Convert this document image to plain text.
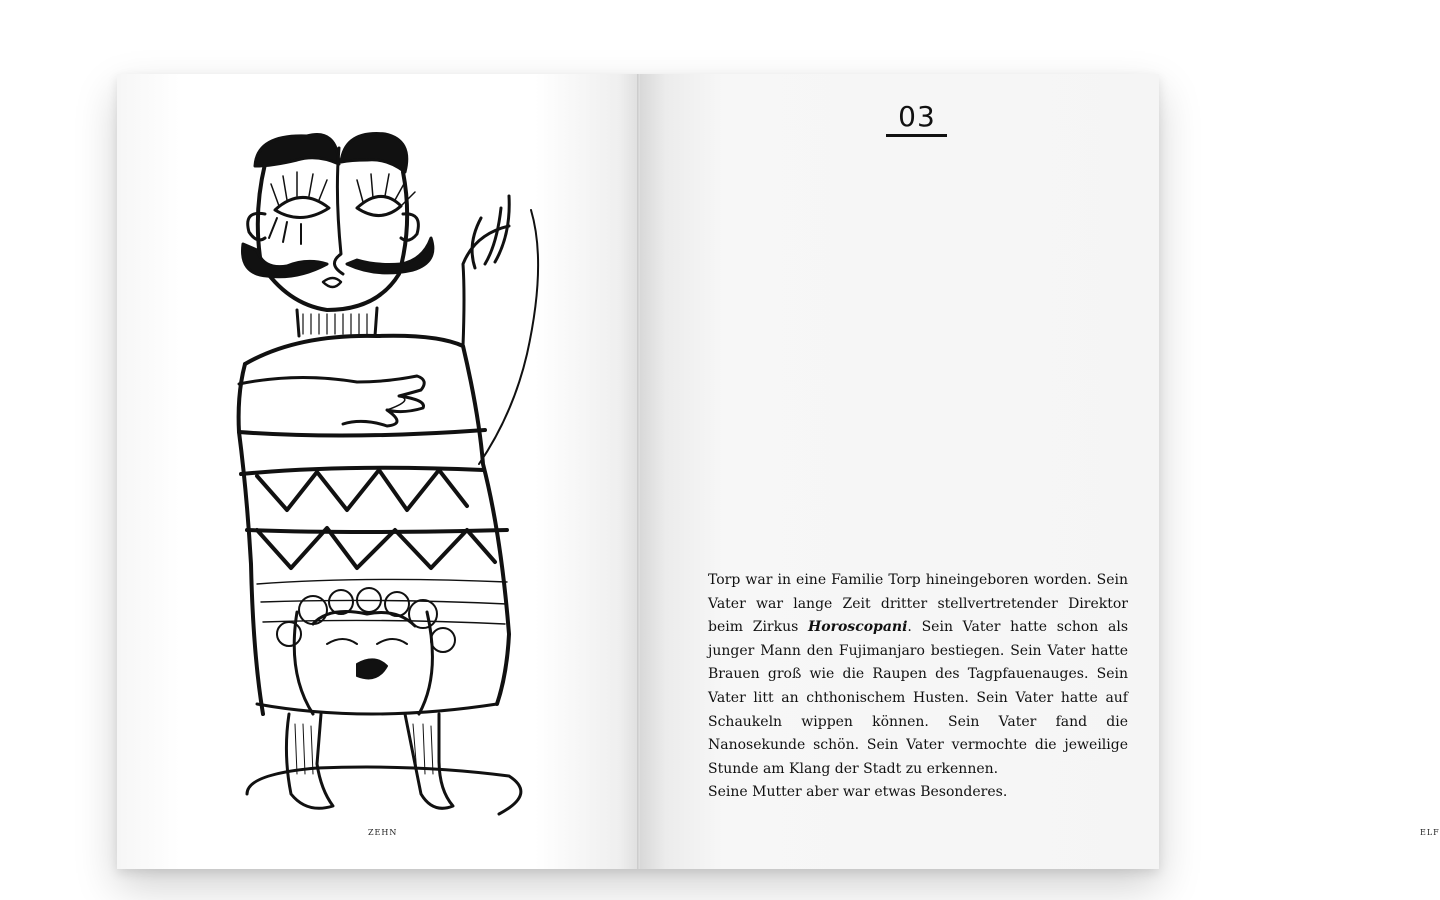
ZEHN	ELF
03

Torp war in eine Familie Torp hineingeboren worden. Sein Vater war lange Zeit dritter stellvertretender Direktor beim Zirkus Horoscopani. Sein Vater hatte schon als junger Mann den Fujimanjaro bestiegen. Sein Vater hatte Brauen groß wie die Raupen des Tagpfauenauges. Sein Vater litt an chthonischem Husten. Sein Vater hatte auf Schaukeln wippen können. Sein Vater fand die Nanosekunde schön. Sein Vater vermochte die jeweilige Stunde am Klang der Stadt zu erkennen.

Seine Mutter aber war etwas Besonderes.
